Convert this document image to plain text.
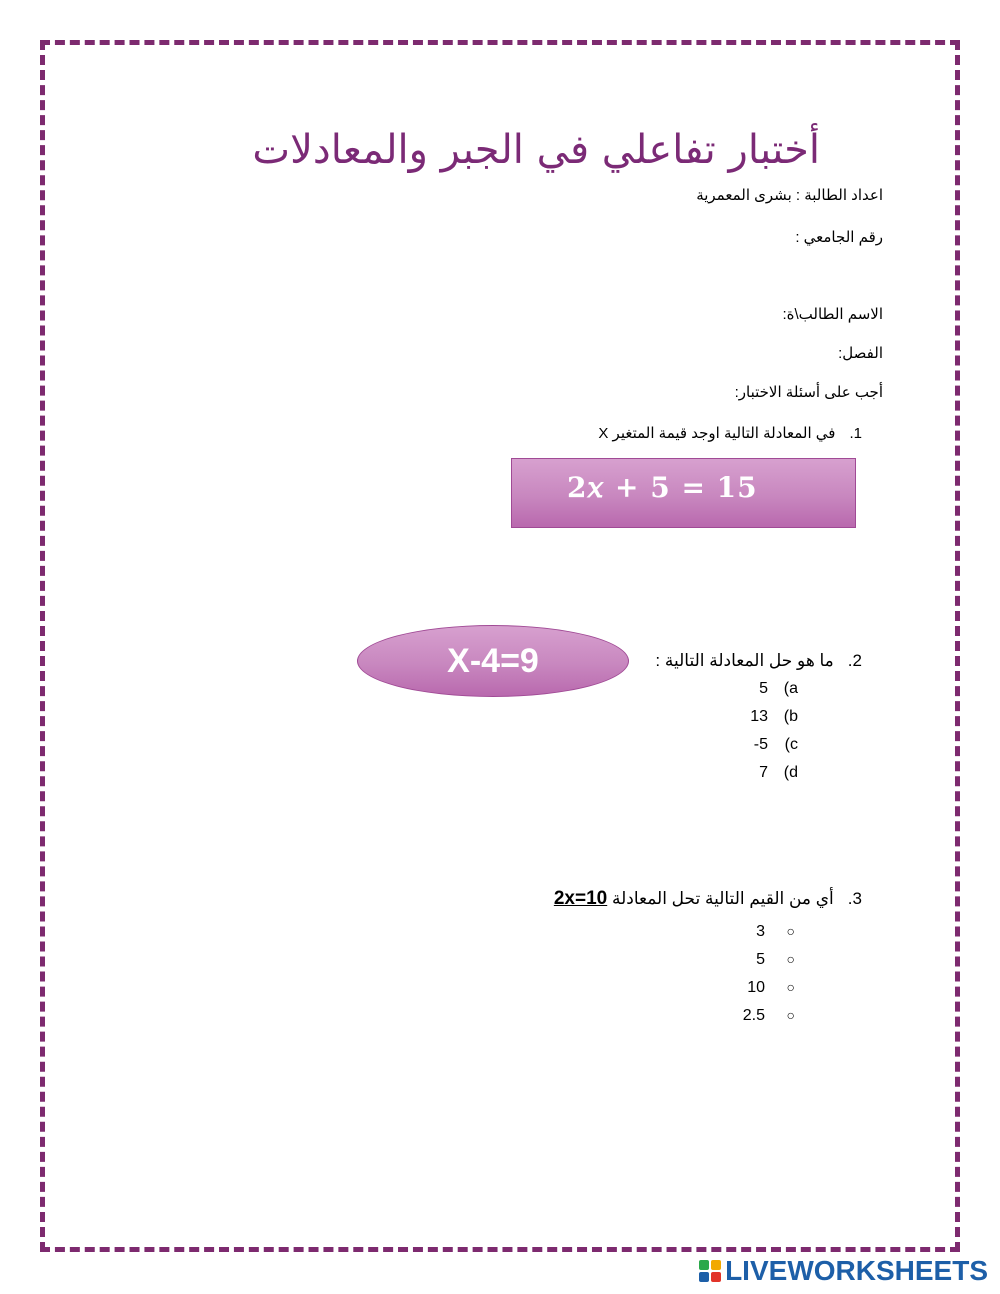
أختبار تفاعلي في الجبر والمعادلات
اعداد الطالبة : بشرى المعمرية
رقم الجامعي :
الاسم الطالب\ة:
الفصل:
أجب على أسئلة الاختبار:
1.في المعادلة التالية اوجد قيمة المتغير X
2𝑥 + 5 = 15
X-4=9	2.ما هو حل المعادلة التالية :
5 (a
13 (b
-5 (c
7 (d
3.أي من القيم التالية تحل المعادلة 2x=10
3 ○
5 ○
10 ○
2.5 ○
LIVEWORKSHEETS
